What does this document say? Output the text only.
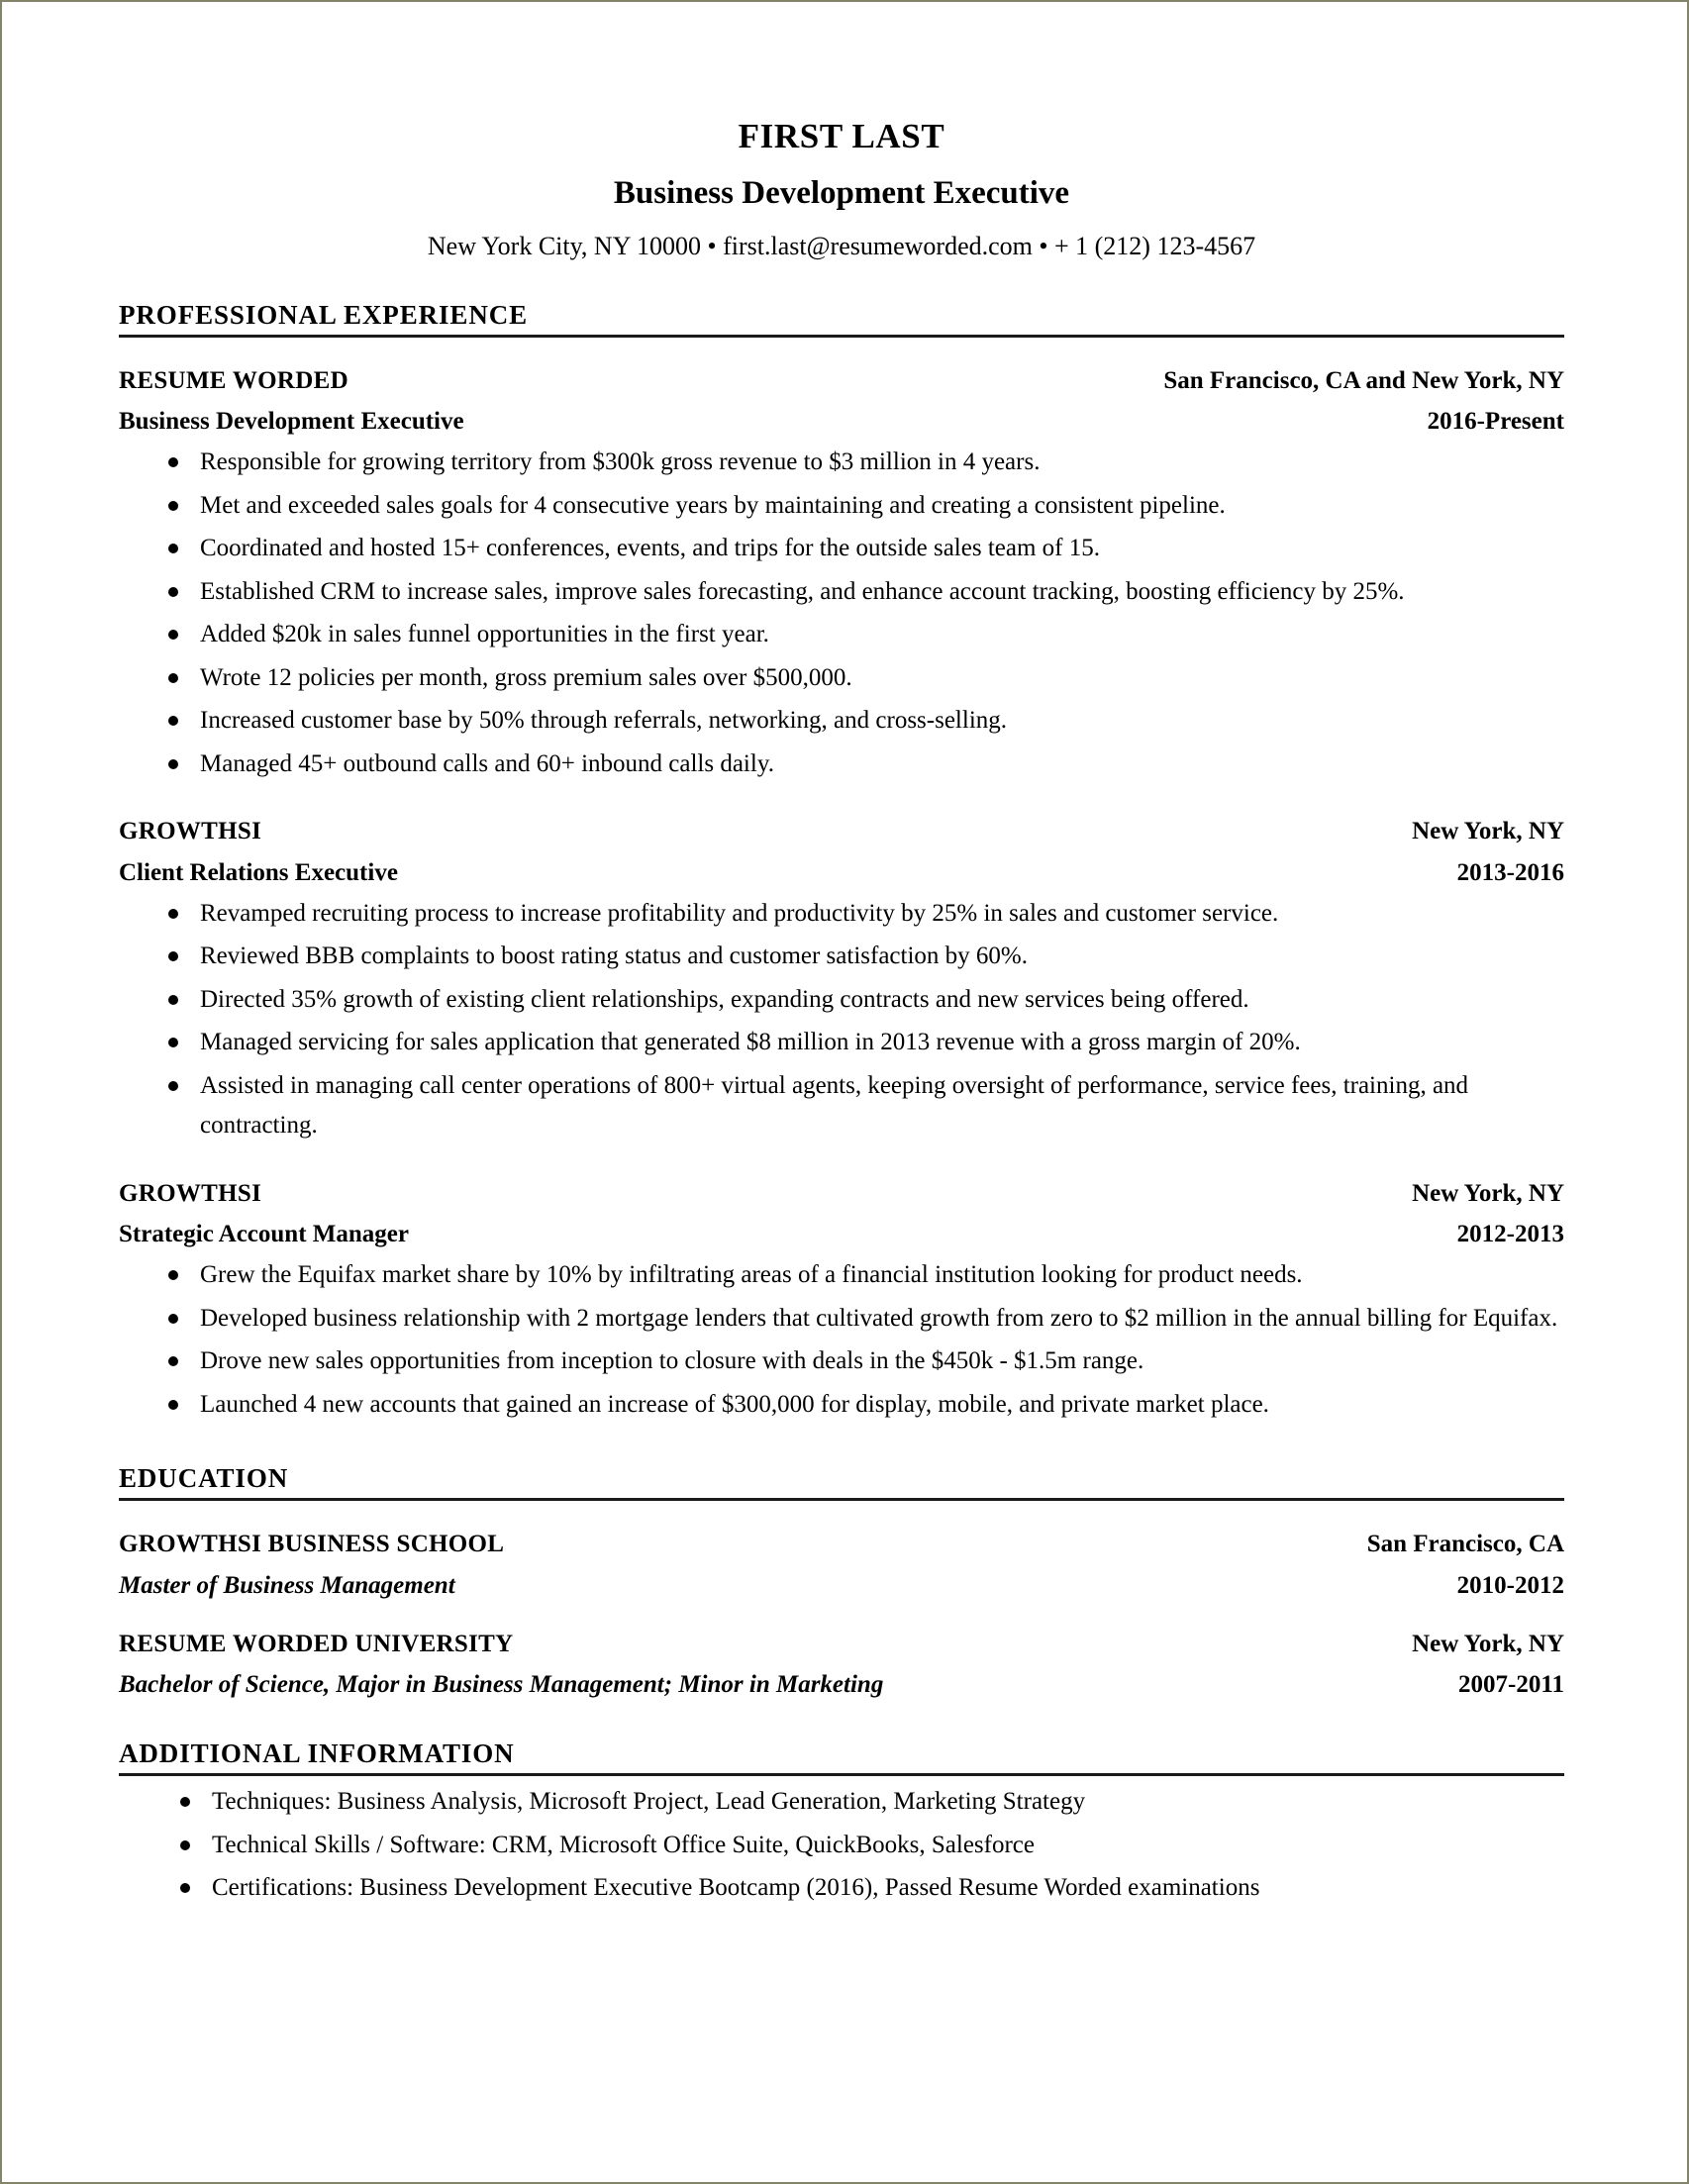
FIRST LAST
Business Development Executive
New York City, NY 10000 • first.last@resumeworded.com • + 1 (212) 123-4567
PROFESSIONAL EXPERIENCE
RESUME WORDED	San Francisco, CA and New York, NY
Business Development Executive	2016-Present
Responsible for growing territory from $300k gross revenue to $3 million in 4 years.
Met and exceeded sales goals for 4 consecutive years by maintaining and creating a consistent pipeline.
Coordinated and hosted 15+ conferences, events, and trips for the outside sales team of 15.
Established CRM to increase sales, improve sales forecasting, and enhance account tracking, boosting efficiency by 25%.
Added $20k in sales funnel opportunities in the first year.
Wrote 12 policies per month, gross premium sales over $500,000.
Increased customer base by 50% through referrals, networking, and cross-selling.
Managed 45+ outbound calls and 60+ inbound calls daily.
GROWTHSI	New York, NY
Client Relations Executive	2013-2016
Revamped recruiting process to increase profitability and productivity by 25% in sales and customer service.
Reviewed BBB complaints to boost rating status and customer satisfaction by 60%.
Directed 35% growth of existing client relationships, expanding contracts and new services being offered.
Managed servicing for sales application that generated $8 million in 2013 revenue with a gross margin of 20%.
Assisted in managing call center operations of 800+ virtual agents, keeping oversight of performance, service fees, training, and contracting.
GROWTHSI	New York, NY
Strategic Account Manager	2012-2013
Grew the Equifax market share by 10% by infiltrating areas of a financial institution looking for product needs.
Developed business relationship with 2 mortgage lenders that cultivated growth from zero to $2 million in the annual billing for Equifax.
Drove new sales opportunities from inception to closure with deals in the $450k - $1.5m range.
Launched 4 new accounts that gained an increase of $300,000 for display, mobile, and private market place.
EDUCATION
GROWTHSI BUSINESS SCHOOL	San Francisco, CA
Master of Business Management	2010-2012
RESUME WORDED UNIVERSITY	New York, NY
Bachelor of Science, Major in Business Management; Minor in Marketing	2007-2011
ADDITIONAL INFORMATION
Techniques: Business Analysis, Microsoft Project, Lead Generation, Marketing Strategy
Technical Skills / Software: CRM, Microsoft Office Suite, QuickBooks, Salesforce
Certifications: Business Development Executive Bootcamp (2016), Passed Resume Worded examinations
